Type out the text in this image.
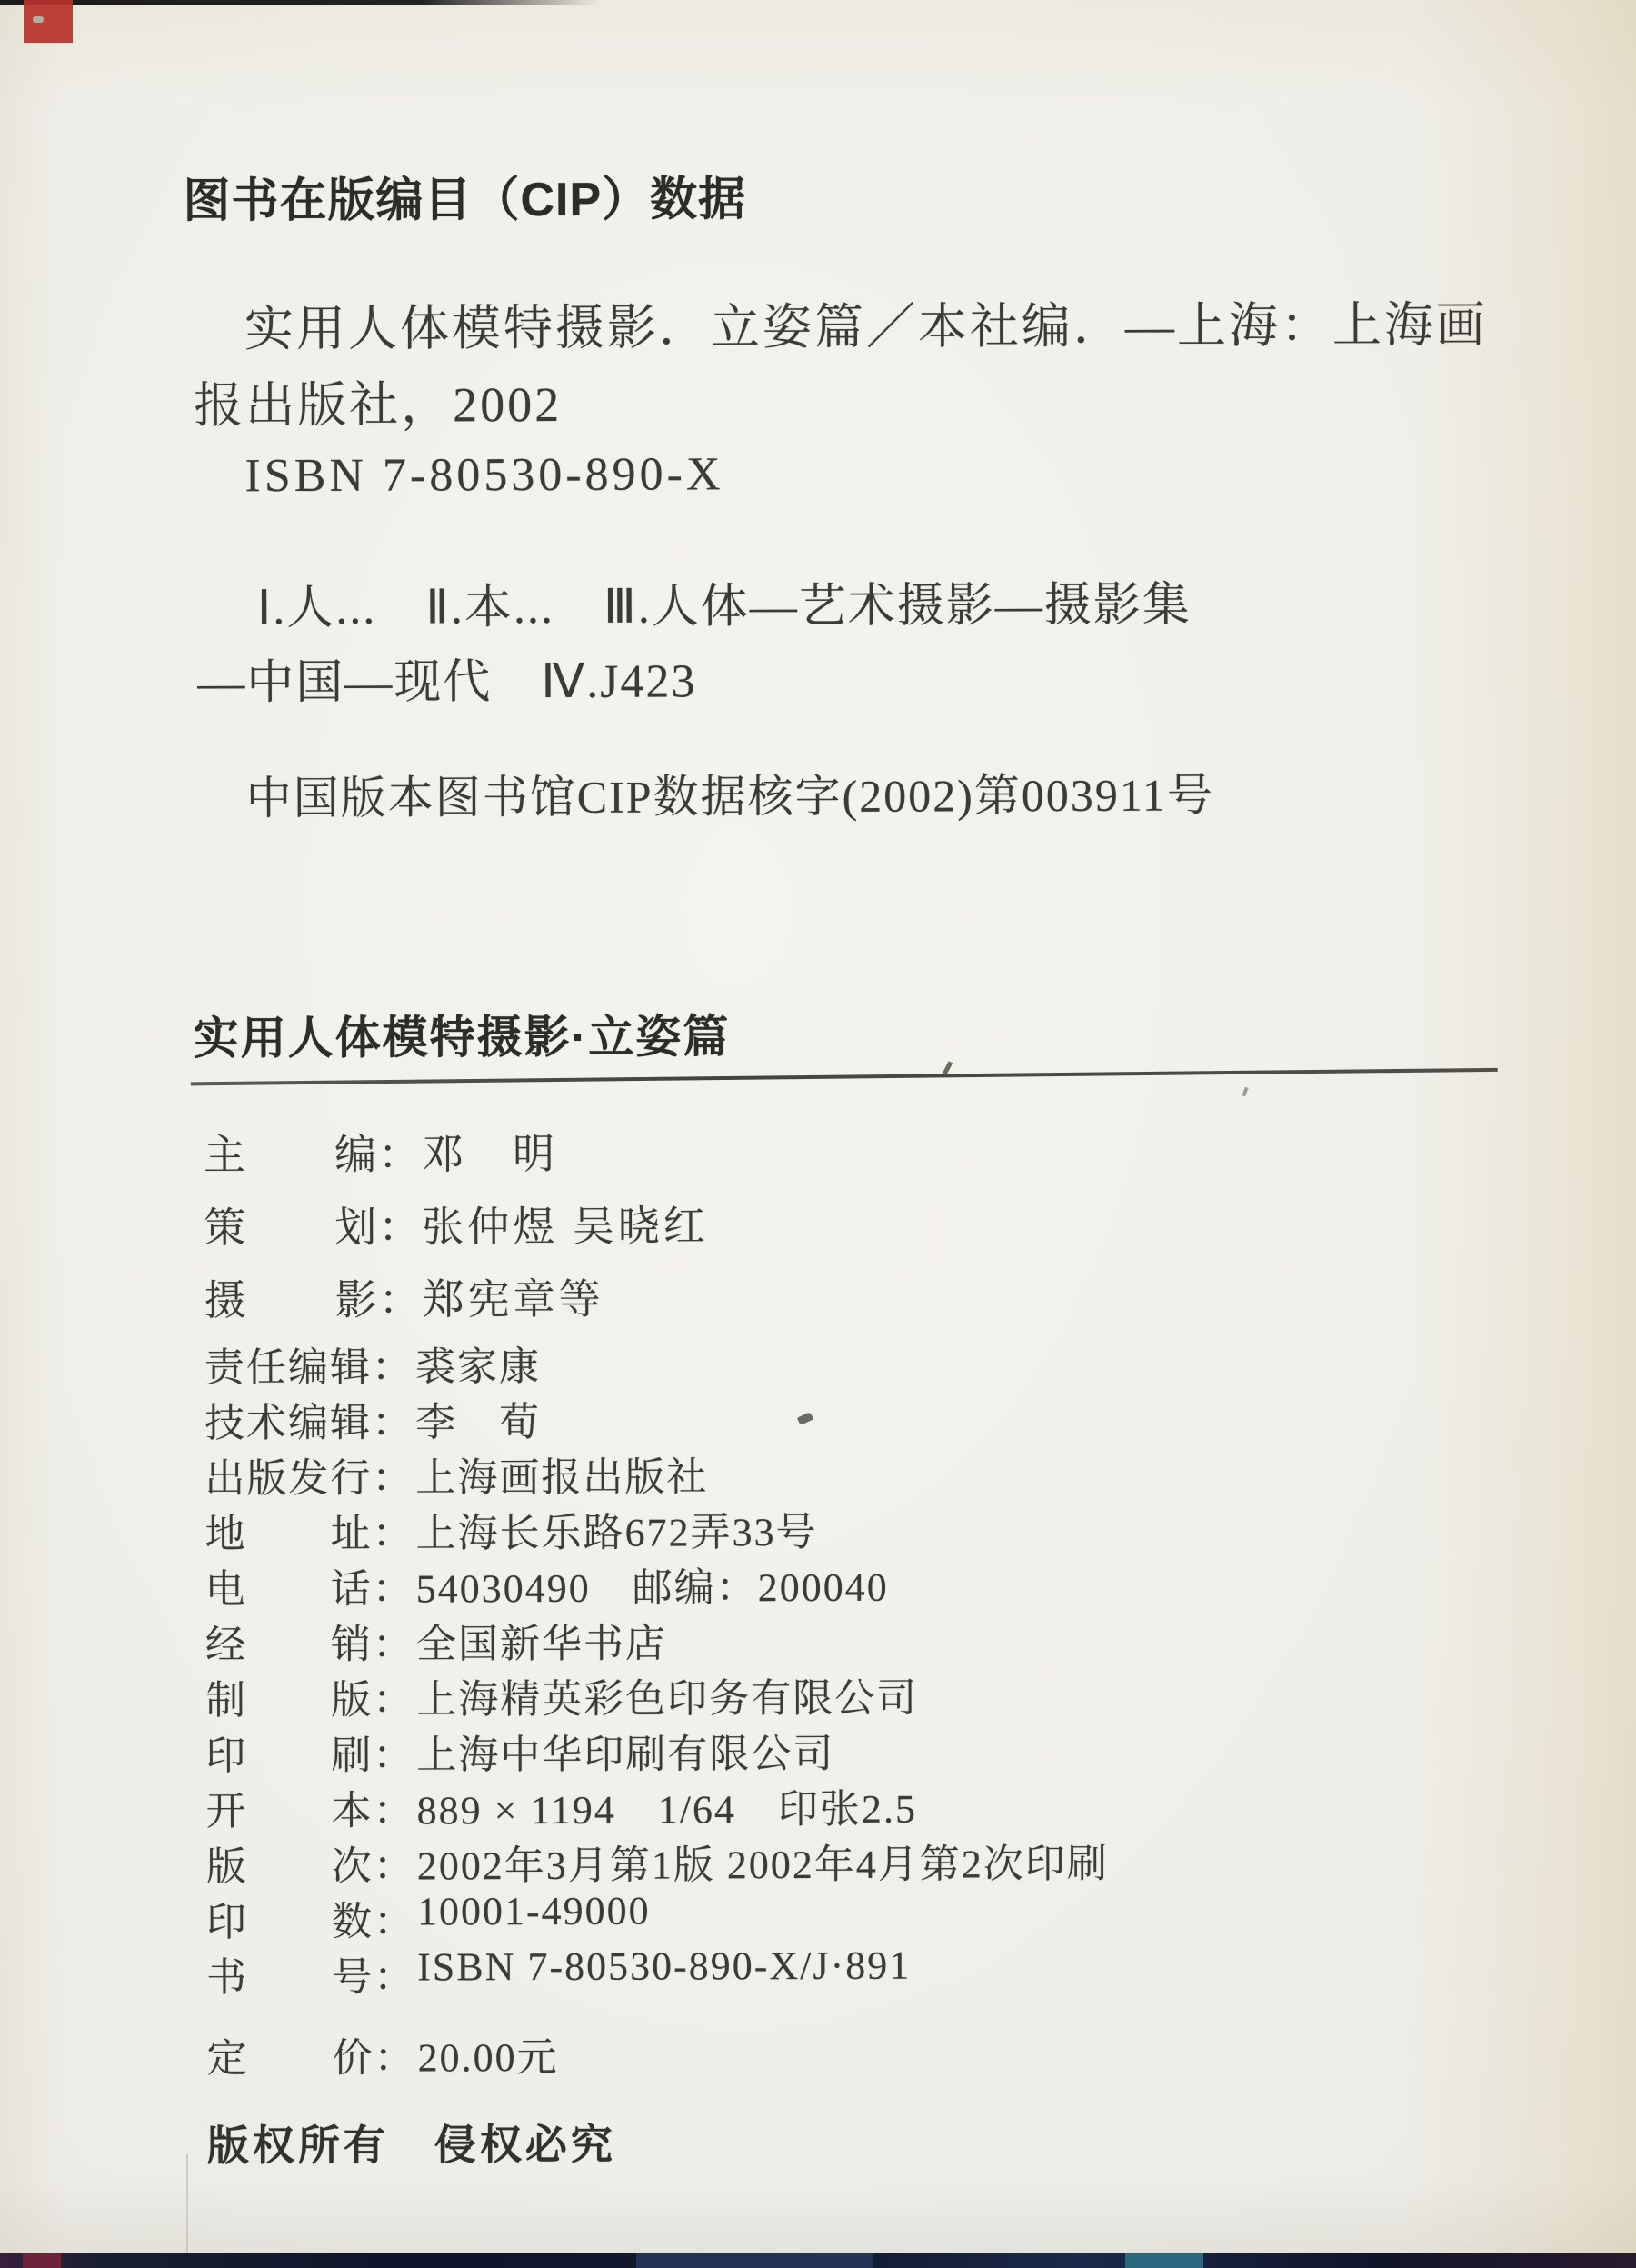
图书在版编目（CIP）数据
实用人体模特摄影．立姿篇／本社编．—上海：上海画
报出版社，2002
ISBN 7-80530-890-X
Ⅰ.人...　Ⅱ.本...　Ⅲ.人体—艺术摄影—摄影集
—中国—现代　Ⅳ.J423
中国版本图书馆CIP数据核字(2002)第003911号
实用人体模特摄影·立姿篇
主　　编： 邓　明
策　　划： 张仲煜 吴晓红
摄　　影： 郑宪章等
责任编辑： 裘家康
技术编辑： 李　荀
出版发行： 上海画报出版社
地　　址： 上海长乐路672弄33号
电　　话： 54030490　邮编：200040
经　　销： 全国新华书店
制　　版： 上海精英彩色印务有限公司
印　　刷： 上海中华印刷有限公司
开　　本： 889 × 1194　1/64　印张2.5
版　　次： 2002年3月第1版 2002年4月第2次印刷
印　　数： 10001-49000
书　　号： ISBN 7-80530-890-X/J·891
定　　价： 20.00元
版权所有　侵权必究
